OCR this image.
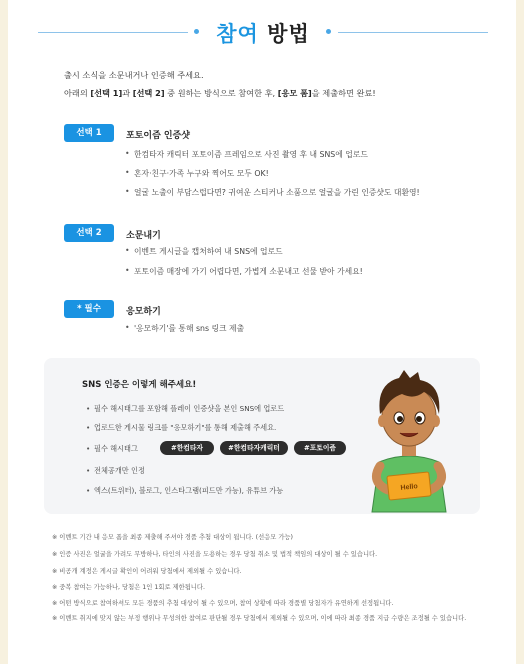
참여 방법
출시 소식을 소문내거나 인증해 주세요.
아래의 [선택 1]과 [선택 2] 중 원하는 방식으로 참여한 후, [응모 폼]을 제출하면 완료!
선택 1	포토이즘 인증샷
• 한컴타자 캐릭터 포토이즘 프레임으로 사진 촬영 후 내 SNS에 업로드
• 혼자·친구·가족 누구와 찍어도 모두 OK!
• 얼굴 노출이 부담스럽다면? 귀여운 스티커나 소품으로 얼굴을 가린 인증샷도 대환영!
선택 2	소문내기
• 이벤트 게시글을 캡처하여 내 SNS에 업로드
• 포토이즘 매장에 가기 어렵다면, 가볍게 소문내고 선물 받아 가세요!
* 필수	응모하기
• '응모하기'를 통해 sns 링크 제출
SNS 인증은 이렇게 해주세요!
• 필수 해시태그를 포함해 플레이 인증샷을 본인 SNS에 업로드
• 업로드한 게시물 링크를 "응모하기"를 통해 제출해 주세요.
• 필수 해시태그	#한컴타자	#한컴타자캐릭터	#포토이즘
• 전체공개만 인정
• 엑스(트위터), 블로그, 인스타그램(피드만 가능), 유튜브 가능	Hello
※ 이벤트 기간 내 응모 폼을 최종 제출해 주셔야 경품 추첨 대상이 됩니다. (선응모 가능)
※ 인증 사진은 얼굴을 가려도 무방하나, 타인의 사진을 도용하는 경우 당첨 취소 및 법적 책임의 대상이 될 수 있습니다.
※ 비공개 계정은 게시글 확인이 어려워 당첨에서 제외될 수 있습니다.
※ 중복 참여는 가능하나, 당첨은 1인 1회로 제한됩니다.
※ 어떤 방식으로 참여하셔도 모든 경품의 추첨 대상이 될 수 있으며, 참여 상황에 따라 경품별 당첨자가 유연하게 선정됩니다.
※ 이벤트 취지에 맞지 않는 부정 행위나 무성의한 참여로 판단될 경우 당첨에서 제외될 수 있으며, 이에 따라 최종 경품 지급 수량은 조정될 수 있습니다.
